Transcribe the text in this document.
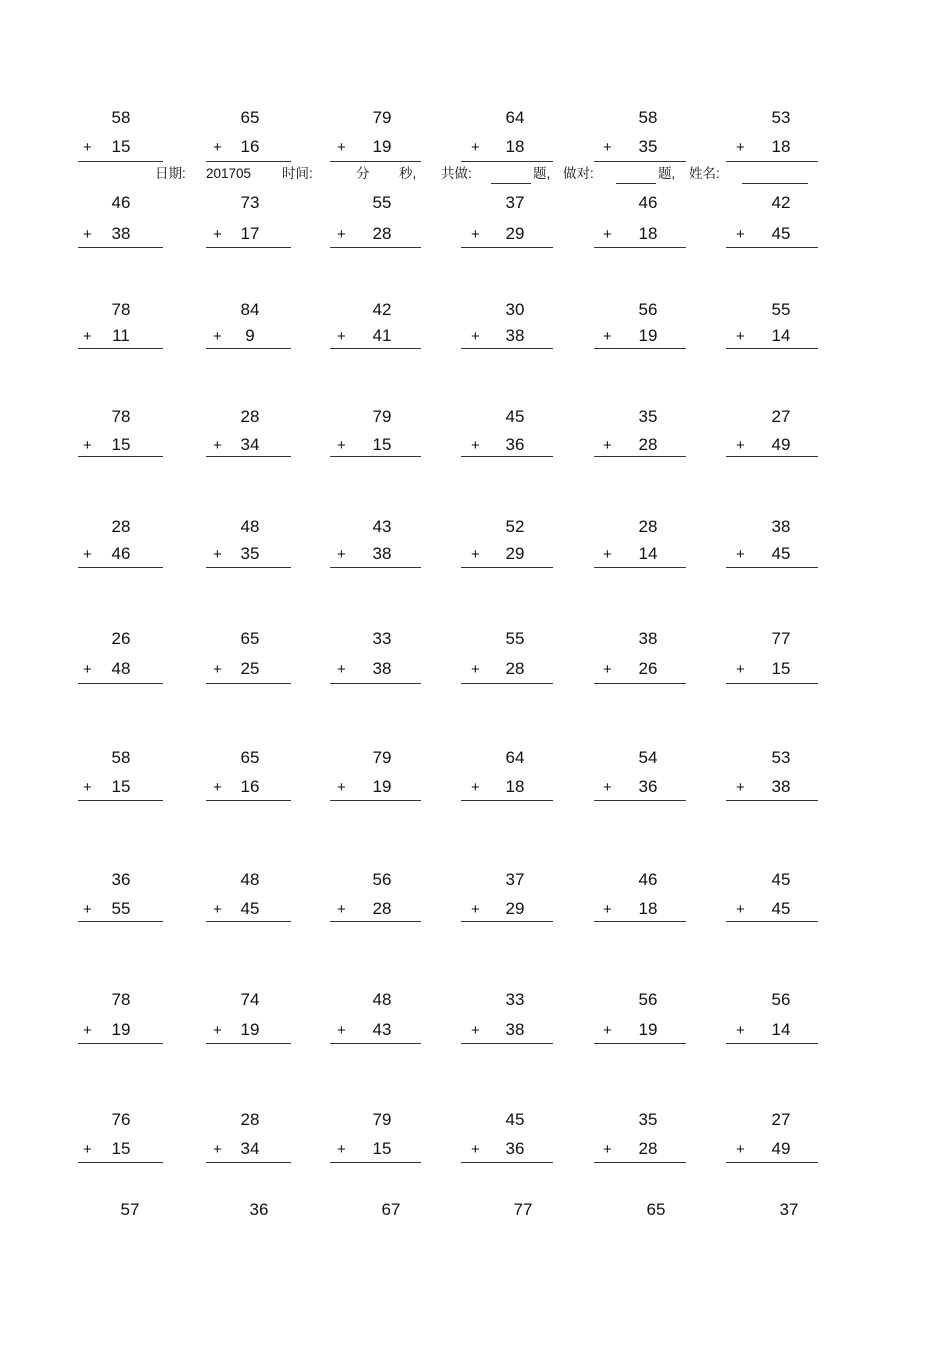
日期: 201705 时间:	分 秒, 共做:	题, 做对:	题, 姓名:
58
+	15
65
+	16
79
+	19
64
+	18
58
+	35
53
+	18
46
+	38
73
+	17
55
+	28
37
+	29
46
+	18
42
+	45
78
+	11
84
+	9
42
+	41
30
+	38
56
+	19
55
+	14
78
+	15
28
+	34
79
+	15
45
+	36
35
+	28
27
+	49
28
+	46
48
+	35
43
+	38
52
+	29
28
+	14
38
+	45
26
+	48
65
+	25
33
+	38
55
+	28
38
+	26
77
+	15
58
+	15
65
+	16
79
+	19
64
+	18
54
+	36
53
+	38
36
+	55
48
+	45
56
+	28
37
+	29
46
+	18
45
+	45
78
+	19
74
+	19
48
+	43
33
+	38
56
+	19
56
+	14
76
+	15
28
+	34
79
+	15
45
+	36
35
+	28
27
+	49
57	36	67	77	65	37
